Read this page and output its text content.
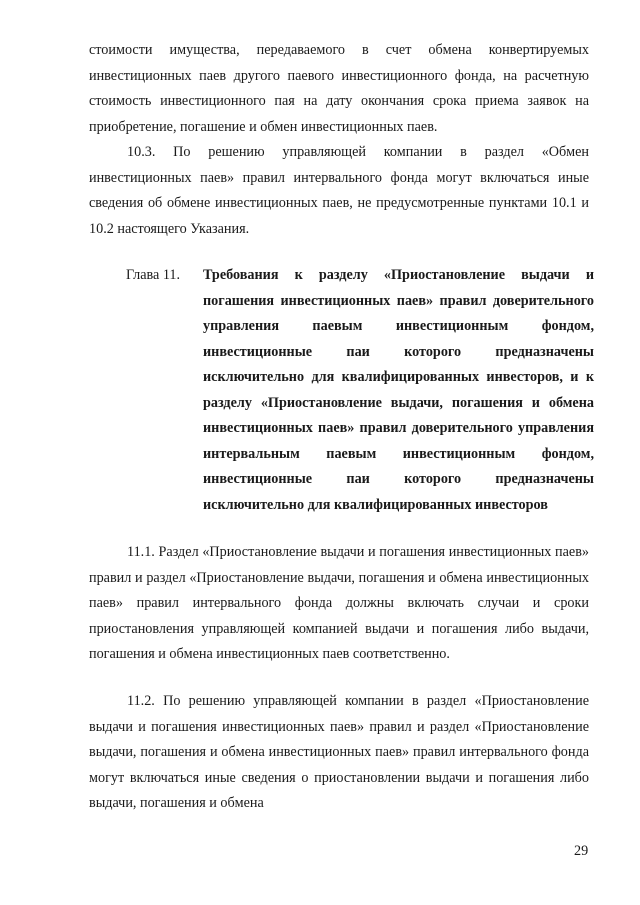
стоимости имущества, передаваемого в счет обмена конвертируемых инвестиционных паев другого паевого инвестиционного фонда, на расчетную стоимость инвестиционного пая на дату окончания срока приема заявок на приобретение, погашение и обмен инвестиционных паев.

10.3. По решению управляющей компании в раздел «Обмен инвестиционных паев» правил интервального фонда могут включаться иные сведения об обмене инвестиционных паев, не предусмотренные пунктами 10.1 и 10.2 настоящего Указания.

Глава 11. Требования к разделу «Приостановление выдачи и погашения инвестиционных паев» правил доверительного управления паевым инвестиционным фондом, инвестиционные паи которого предназначены исключительно для квалифицированных инвесторов, и к разделу «Приостановление выдачи, погашения и обмена инвестиционных паев» правил доверительного управления интервальным паевым инвестиционным фондом, инвестиционные паи которого предназначены исключительно для квалифицированных инвесторов

11.1. Раздел «Приостановление выдачи и погашения инвестиционных паев» правил и раздел «Приостановление выдачи, погашения и обмена инвестиционных паев» правил интервального фонда должны включать случаи и сроки приостановления управляющей компанией выдачи и погашения либо выдачи, погашения и обмена инвестиционных паев соответственно.

11.2. По решению управляющей компании в раздел «Приостановление выдачи и погашения инвестиционных паев» правил и раздел «Приостановление выдачи, погашения и обмена инвестиционных паев» правил интервального фонда могут включаться иные сведения о приостановлении выдачи и погашения либо выдачи, погашения и обмена

29
